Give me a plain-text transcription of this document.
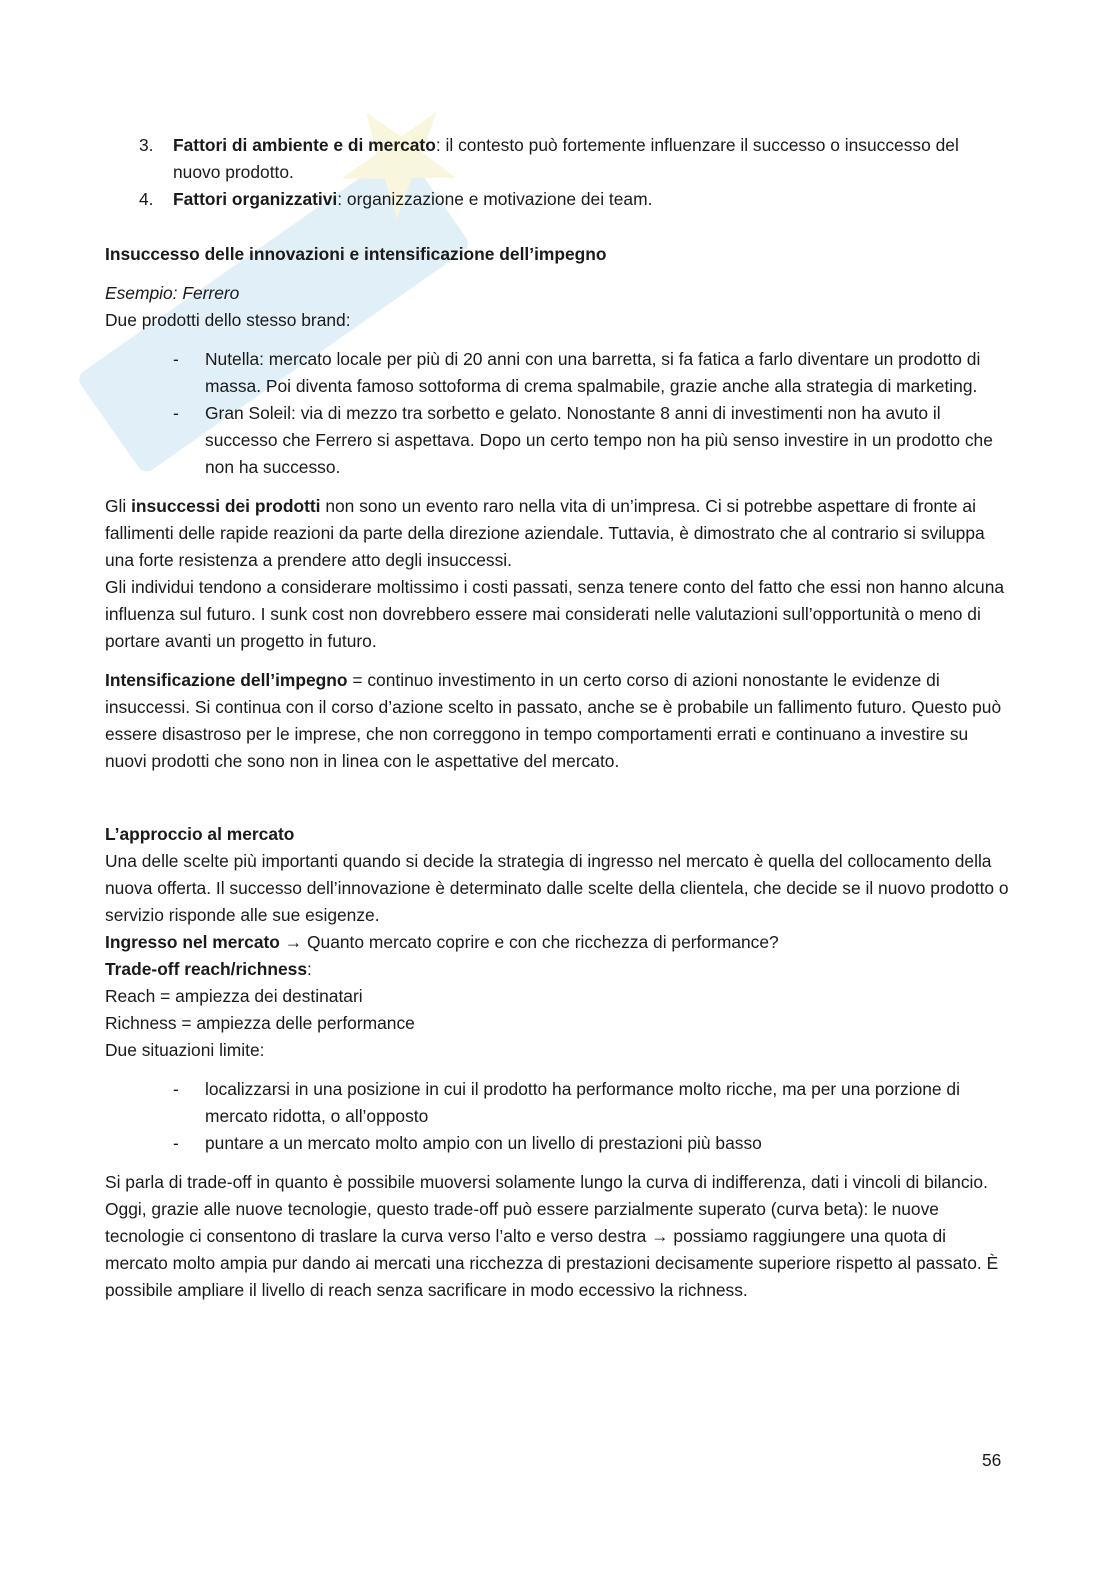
3. Fattori di ambiente e di mercato: il contesto può fortemente influenzare il successo o insuccesso del nuovo prodotto.
4. Fattori organizzativi: organizzazione e motivazione dei team.

Insuccesso delle innovazioni e intensificazione dell’impegno

Esempio: Ferrero

Due prodotti dello stesso brand:

- Nutella: mercato locale per più di 20 anni con una barretta, si fa fatica a farlo diventare un prodotto di massa. Poi diventa famoso sottoforma di crema spalmabile, grazie anche alla strategia di marketing.
- Gran Soleil: via di mezzo tra sorbetto e gelato. Nonostante 8 anni di investimenti non ha avuto il successo che Ferrero si aspettava. Dopo un certo tempo non ha più senso investire in un prodotto che non ha successo.

Gli insuccessi dei prodotti non sono un evento raro nella vita di un’impresa. Ci si potrebbe aspettare di fronte ai fallimenti delle rapide reazioni da parte della direzione aziendale. Tuttavia, è dimostrato che al contrario si sviluppa una forte resistenza a prendere atto degli insuccessi.

Gli individui tendono a considerare moltissimo i costi passati, senza tenere conto del fatto che essi non hanno alcuna influenza sul futuro. I sunk cost non dovrebbero essere mai considerati nelle valutazioni sull’opportunità o meno di portare avanti un progetto in futuro.

Intensificazione dell’impegno = continuo investimento in un certo corso di azioni nonostante le evidenze di insuccessi. Si continua con il corso d’azione scelto in passato, anche se è probabile un fallimento futuro. Questo può essere disastroso per le imprese, che non correggono in tempo comportamenti errati e continuano a investire su nuovi prodotti che sono non in linea con le aspettative del mercato.

L’approccio al mercato

Una delle scelte più importanti quando si decide la strategia di ingresso nel mercato è quella del collocamento della nuova offerta. Il successo dell’innovazione è determinato dalle scelte della clientela, che decide se il nuovo prodotto o servizio risponde alle sue esigenze.

Ingresso nel mercato → Quanto mercato coprire e con che ricchezza di performance?

Trade-off reach/richness:

Reach = ampiezza dei destinatari

Richness = ampiezza delle performance

Due situazioni limite:

- localizzarsi in una posizione in cui il prodotto ha performance molto ricche, ma per una porzione di mercato ridotta, o all’opposto
- puntare a un mercato molto ampio con un livello di prestazioni più basso

Si parla di trade-off in quanto è possibile muoversi solamente lungo la curva di indifferenza, dati i vincoli di bilancio.

Oggi, grazie alle nuove tecnologie, questo trade-off può essere parzialmente superato (curva beta): le nuove tecnologie ci consentono di traslare la curva verso l’alto e verso destra → possiamo raggiungere una quota di mercato molto ampia pur dando ai mercati una ricchezza di prestazioni decisamente superiore rispetto al passato. È possibile ampliare il livello di reach senza sacrificare in modo eccessivo la richness.

56
